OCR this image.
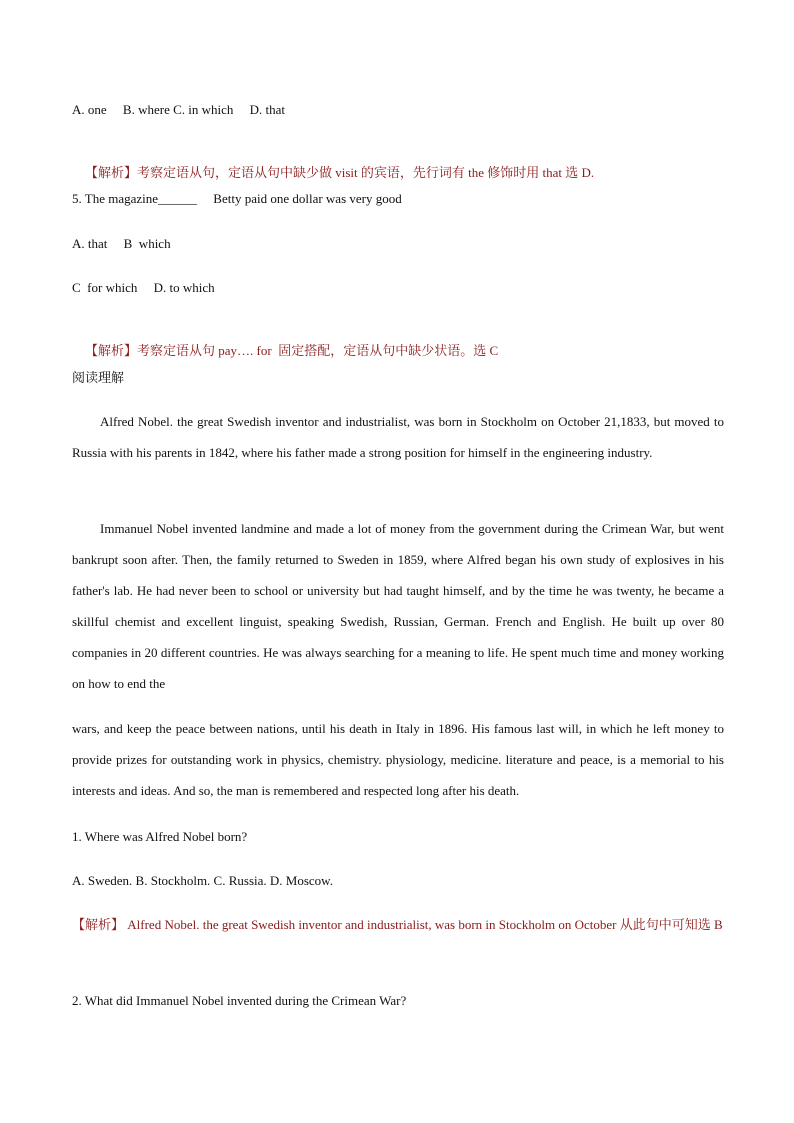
A. one     B. where C. in which     D. that

【解析】考察定语从句，定语从句中缺少做 visit 的宾语，先行词有 the 修饰时用 that 选 D.

5. The magazine______     Betty paid one dollar was very good
A. that     B  which
C  for which     D. to which

【解析】考察定语从句 pay…. for  固定搭配，定语从句中缺少状语。选 C

阅读理解
Alfred Nobel. the great Swedish inventor and industrialist, was born in Stockholm on October 21,1833, but moved to Russia with his parents in 1842, where his father made a strong position for himself in the engineering industry.
Immanuel Nobel invented landmine and made a lot of money from the government during the Crimean War, but went bankrupt soon after. Then, the family returned to Sweden in 1859, where Alfred began his own study of explosives in his father's lab. He had never been to school or university but had taught himself, and by the time he was twenty, he became a skillful chemist and excellent linguist, speaking Swedish, Russian, German. French and English. He built up over 80 companies in 20 different countries. He was always searching for a meaning to life. He spent much time and money working on how to end the
wars, and keep the peace between nations, until his death in Italy in 1896. His famous last will, in which he left money to provide prizes for outstanding work in physics, chemistry. physiology, medicine. literature and peace, is a memorial to his interests and ideas. And so, the man is remembered and respected long after his death.
1. Where was Alfred Nobel born?
A. Sweden. B. Stockholm. C. Russia. D. Moscow.
【解析】 Alfred Nobel. the great Swedish inventor and industrialist, was born in Stockholm on October 从此句中可知选 B
2. What did Immanuel Nobel invented during the Crimean War?
